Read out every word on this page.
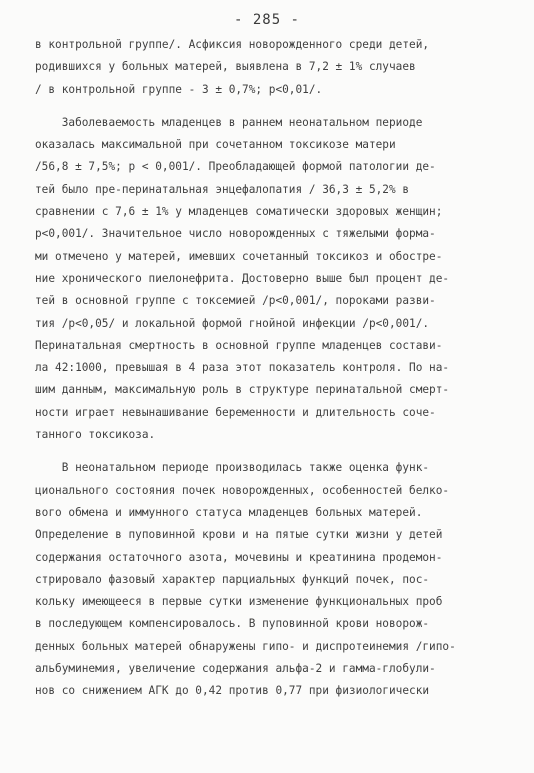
- 285 -
в контрольной группе/. Асфиксия новорожденного среди детей,
родившихся у больных матерей, выявлена в 7,2 ± 1% случаев
/ в контрольной группе - 3 ± 0,7%; р<0,01/.
Заболеваемость младенцев в раннем неонатальном периоде
оказалась максимальной при сочетанном токсикозе матери
/56,8 ± 7,5%; р < 0,001/. Преобладающей формой патологии де-
тей было пре-перинатальная энцефалопатия / 36,3 ± 5,2% в
сравнении с 7,6 ± 1% у младенцев соматически здоровых женщин;
р<0,001/. Значительное число новорожденных с тяжелыми форма-
ми отмечено у матерей, имевших сочетанный токсикоз и обостре-
ние хронического пиелонефрита. Достоверно выше был процент де-
тей в основной группе с токсемией /р<0,001/, пороками разви-
тия /р<0,05/ и локальной формой гнойной инфекции /р<0,001/.
Перинатальная смертность в основной группе младенцев состави-
ла 42:1000, превышая в 4 раза этот показатель контроля. По на-
шим данным, максимальную роль в структуре перинатальной смерт-
ности играет невынашивание беременности и длительность соче-
танного токсикоза.
В неонатальном периоде производилась также оценка функ-
ционального состояния почек новорожденных, особенностей белко-
вого обмена и иммунного статуса младенцев больных матерей.
Определение в пуповинной крови и на пятые сутки жизни у детей
содержания остаточного азота, мочевины и креатинина продемон-
стрировало фазовый характер парциальных функций почек, пос-
кольку имеющееся в первые сутки изменение функциональных проб
в последующем компенсировалось. В пуповинной крови новорож-
денных больных матерей обнаружены гипо- и диспротеинемия /гипо-
альбуминемия, увеличение содержания альфа-2 и гамма-глобули-
нов со снижением АГК до 0,42 против 0,77 при физиологически
